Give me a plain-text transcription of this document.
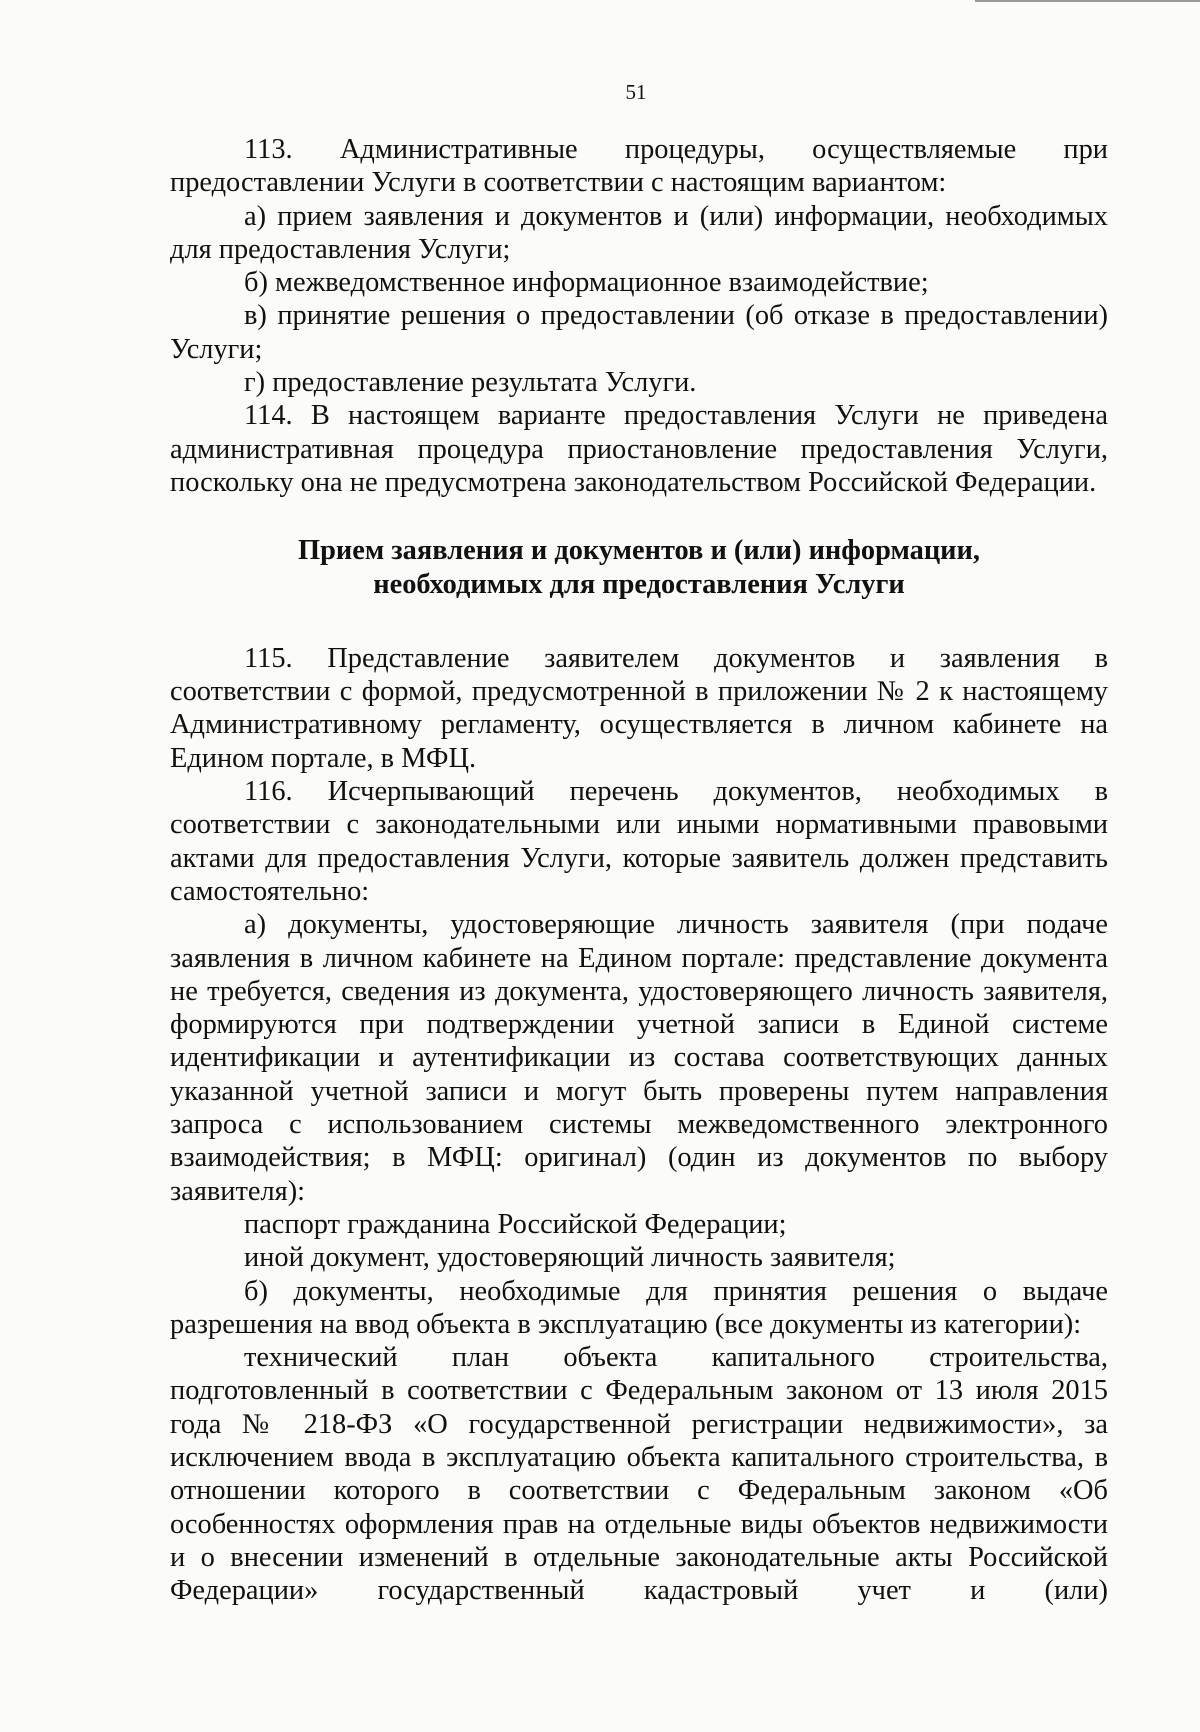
51

113. Административные процедуры, осуществляемые при предоставлении Услуги в соответствии с настоящим вариантом:

а) прием заявления и документов и (или) информации, необходимых для предоставления Услуги;

б) межведомственное информационное взаимодействие;

в) принятие решения о предоставлении (об отказе в предоставлении) Услуги;

г) предоставление результата Услуги.

114. В настоящем варианте предоставления Услуги не приведена административная процедура приостановление предоставления Услуги, поскольку она не предусмотрена законодательством Российской Федерации.

Прием заявления и документов и (или) информации,
необходимых для предоставления Услуги

115. Представление заявителем документов и заявления в соответствии с формой, предусмотренной в приложении № 2 к настоящему Административному регламенту, осуществляется в личном кабинете на Едином портале, в МФЦ.

116. Исчерпывающий перечень документов, необходимых в соответствии с законодательными или иными нормативными правовыми актами для предоставления Услуги, которые заявитель должен представить самостоятельно:

а) документы, удостоверяющие личность заявителя (при подаче заявления в личном кабинете на Едином портале: представление документа не требуется, сведения из документа, удостоверяющего личность заявителя, формируются при подтверждении учетной записи в Единой системе идентификации и аутентификации из состава соответствующих данных указанной учетной записи и могут быть проверены путем направления запроса с использованием системы межведомственного электронного взаимодействия; в МФЦ: оригинал) (один из документов по выбору заявителя):

паспорт гражданина Российской Федерации;

иной документ, удостоверяющий личность заявителя;

б) документы, необходимые для принятия решения о выдаче разрешения на ввод объекта в эксплуатацию (все документы из категории):

технический план объекта капитального строительства, подготовленный в соответствии с Федеральным законом от 13 июля 2015 года № 218-ФЗ «О государственной регистрации недвижимости», за исключением ввода в эксплуатацию объекта капитального строительства, в отношении которого в соответствии с Федеральным законом «Об особенностях оформления прав на отдельные виды объектов недвижимости и о внесении изменений в отдельные законодательные акты Российской Федерации» государственный кадастровый учет и (или)
